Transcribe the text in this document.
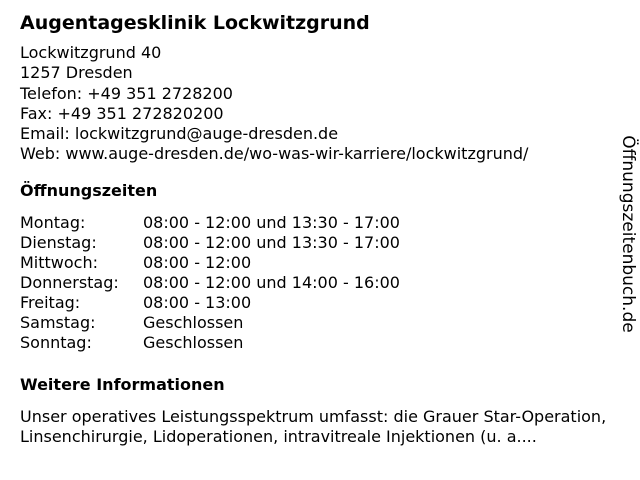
Augentagesklinik Lockwitzgrund
Lockwitzgrund 40
1257 Dresden
Telefon: +49 351 2728200
Fax: +49 351 272820200
Email: lockwitzgrund@auge-dresden.de
Web: www.auge-dresden.de/wo-was-wir-karriere/lockwitzgrund/
Öffnungszeiten
Montag:	08:00 - 12:00 und 13:30 - 17:00
Dienstag:	08:00 - 12:00 und 13:30 - 17:00
Mittwoch:	08:00 - 12:00
Donnerstag:	08:00 - 12:00 und 14:00 - 16:00
Freitag:	08:00 - 13:00
Samstag:	Geschlossen
Sonntag:	Geschlossen
Weitere Informationen
Unser operatives Leistungsspektrum umfasst: die Grauer Star-Operation, Linsenchirurgie, Lidoperationen, intravitreale Injektionen (u. a....
Öffnungszeitenbuch.de
